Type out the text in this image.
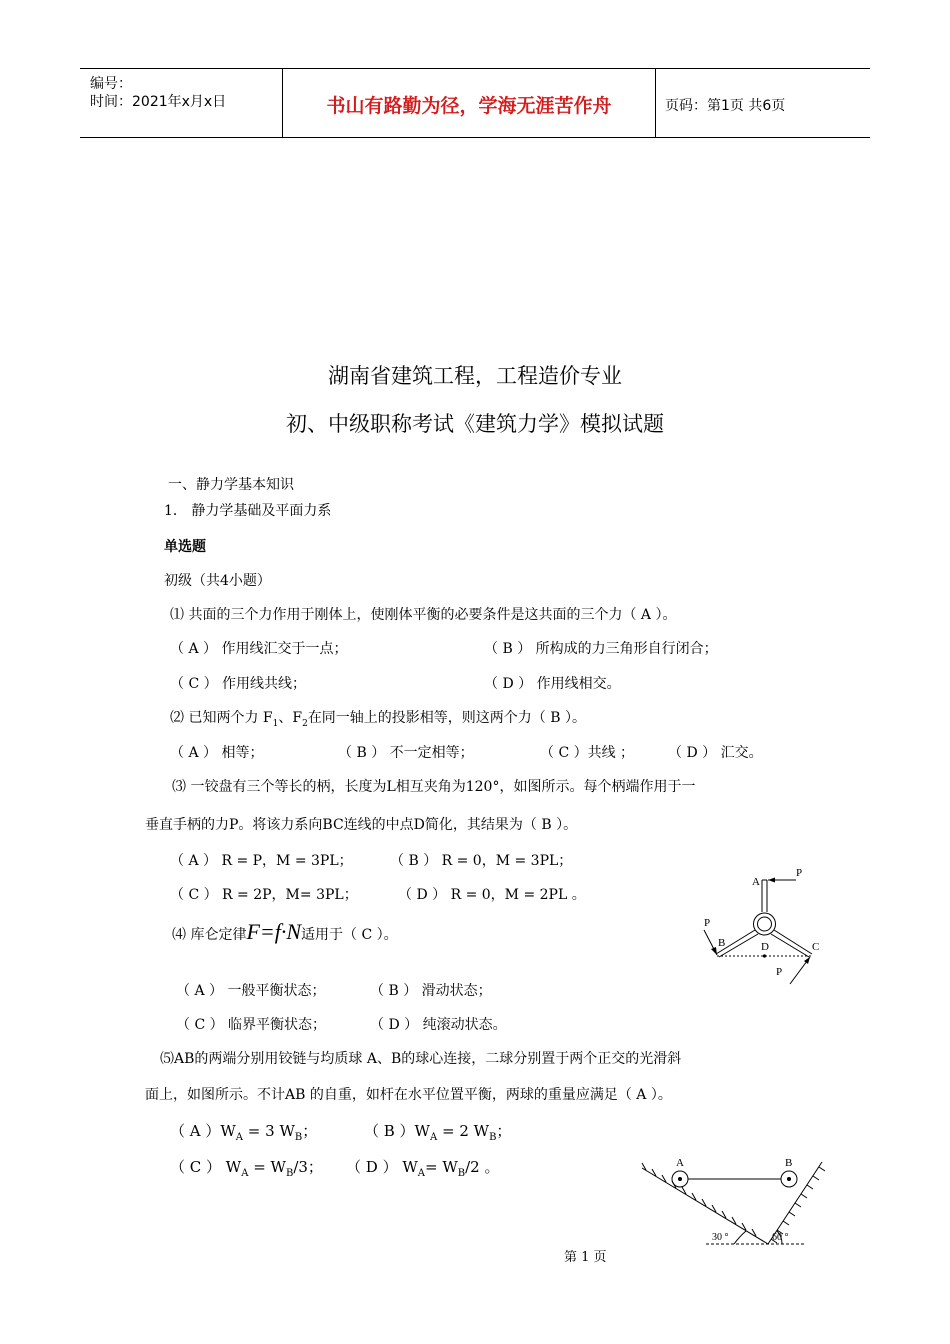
编号：
时间：2021年x月x日	书山有路勤为径，学海无涯苦作舟	页码：第1页 共6页
湖南省建筑工程，工程造价专业
初、中级职称考试《建筑力学》模拟试题
一、静力学基本知识
1． 静力学基础及平面力系
单选题
初级（共4小题）
⑴ 共面的三个力作用于刚体上，使刚体平衡的必要条件是这共面的三个力（ A ）。
（ A ） 作用线汇交于一点；	（ B ） 所构成的力三角形自行闭合；
（ C ） 作用线共线；	（ D ） 作用线相交。
⑵ 已知两个力 $F_1$、$F_2$在同一轴上的投影相等，则这两个力（ B ）。
（ A ） 相等；	（ B ） 不一定相等；	（ C ）共线 ； （ D ） 汇交。
⑶ 一铰盘有三个等长的柄，长度为L相互夹角为120°，如图所示。每个柄端作用于一
垂直手柄的力P。将该力系向BC连线的中点D简化，其结果为（ B ）。
（ A ） R = P，M = 3PL；	（ B ） R = 0，M = 3PL；
（ C ） R = 2P，M= 3PL；	（ D ） R = 0，M = 2PL 。
⑷ 库仑定律F=f·N适用于（ C ）。
（ A ） 一般平衡状态；	（ B ） 滑动状态；
（ C ） 临界平衡状态；	（ D ） 纯滚动状态。
⑸AB的两端分别用铰链与均质球 A、B的球心连接，二球分别置于两个正交的光滑斜
面上，如图所示。不计AB 的自重，如杆在水平位置平衡，两球的重量应满足（ A ）。
（ A ）$W_A = 3$ $W_B$；	（ B ）$W_A = 2$ $W_B$；
（ C ） $W_A = W_B/3$； （ D ） $W_A= W_B/2$ 。
A
P
P
B	D	C
P
A	B
30 °	60 °
第 1 页
